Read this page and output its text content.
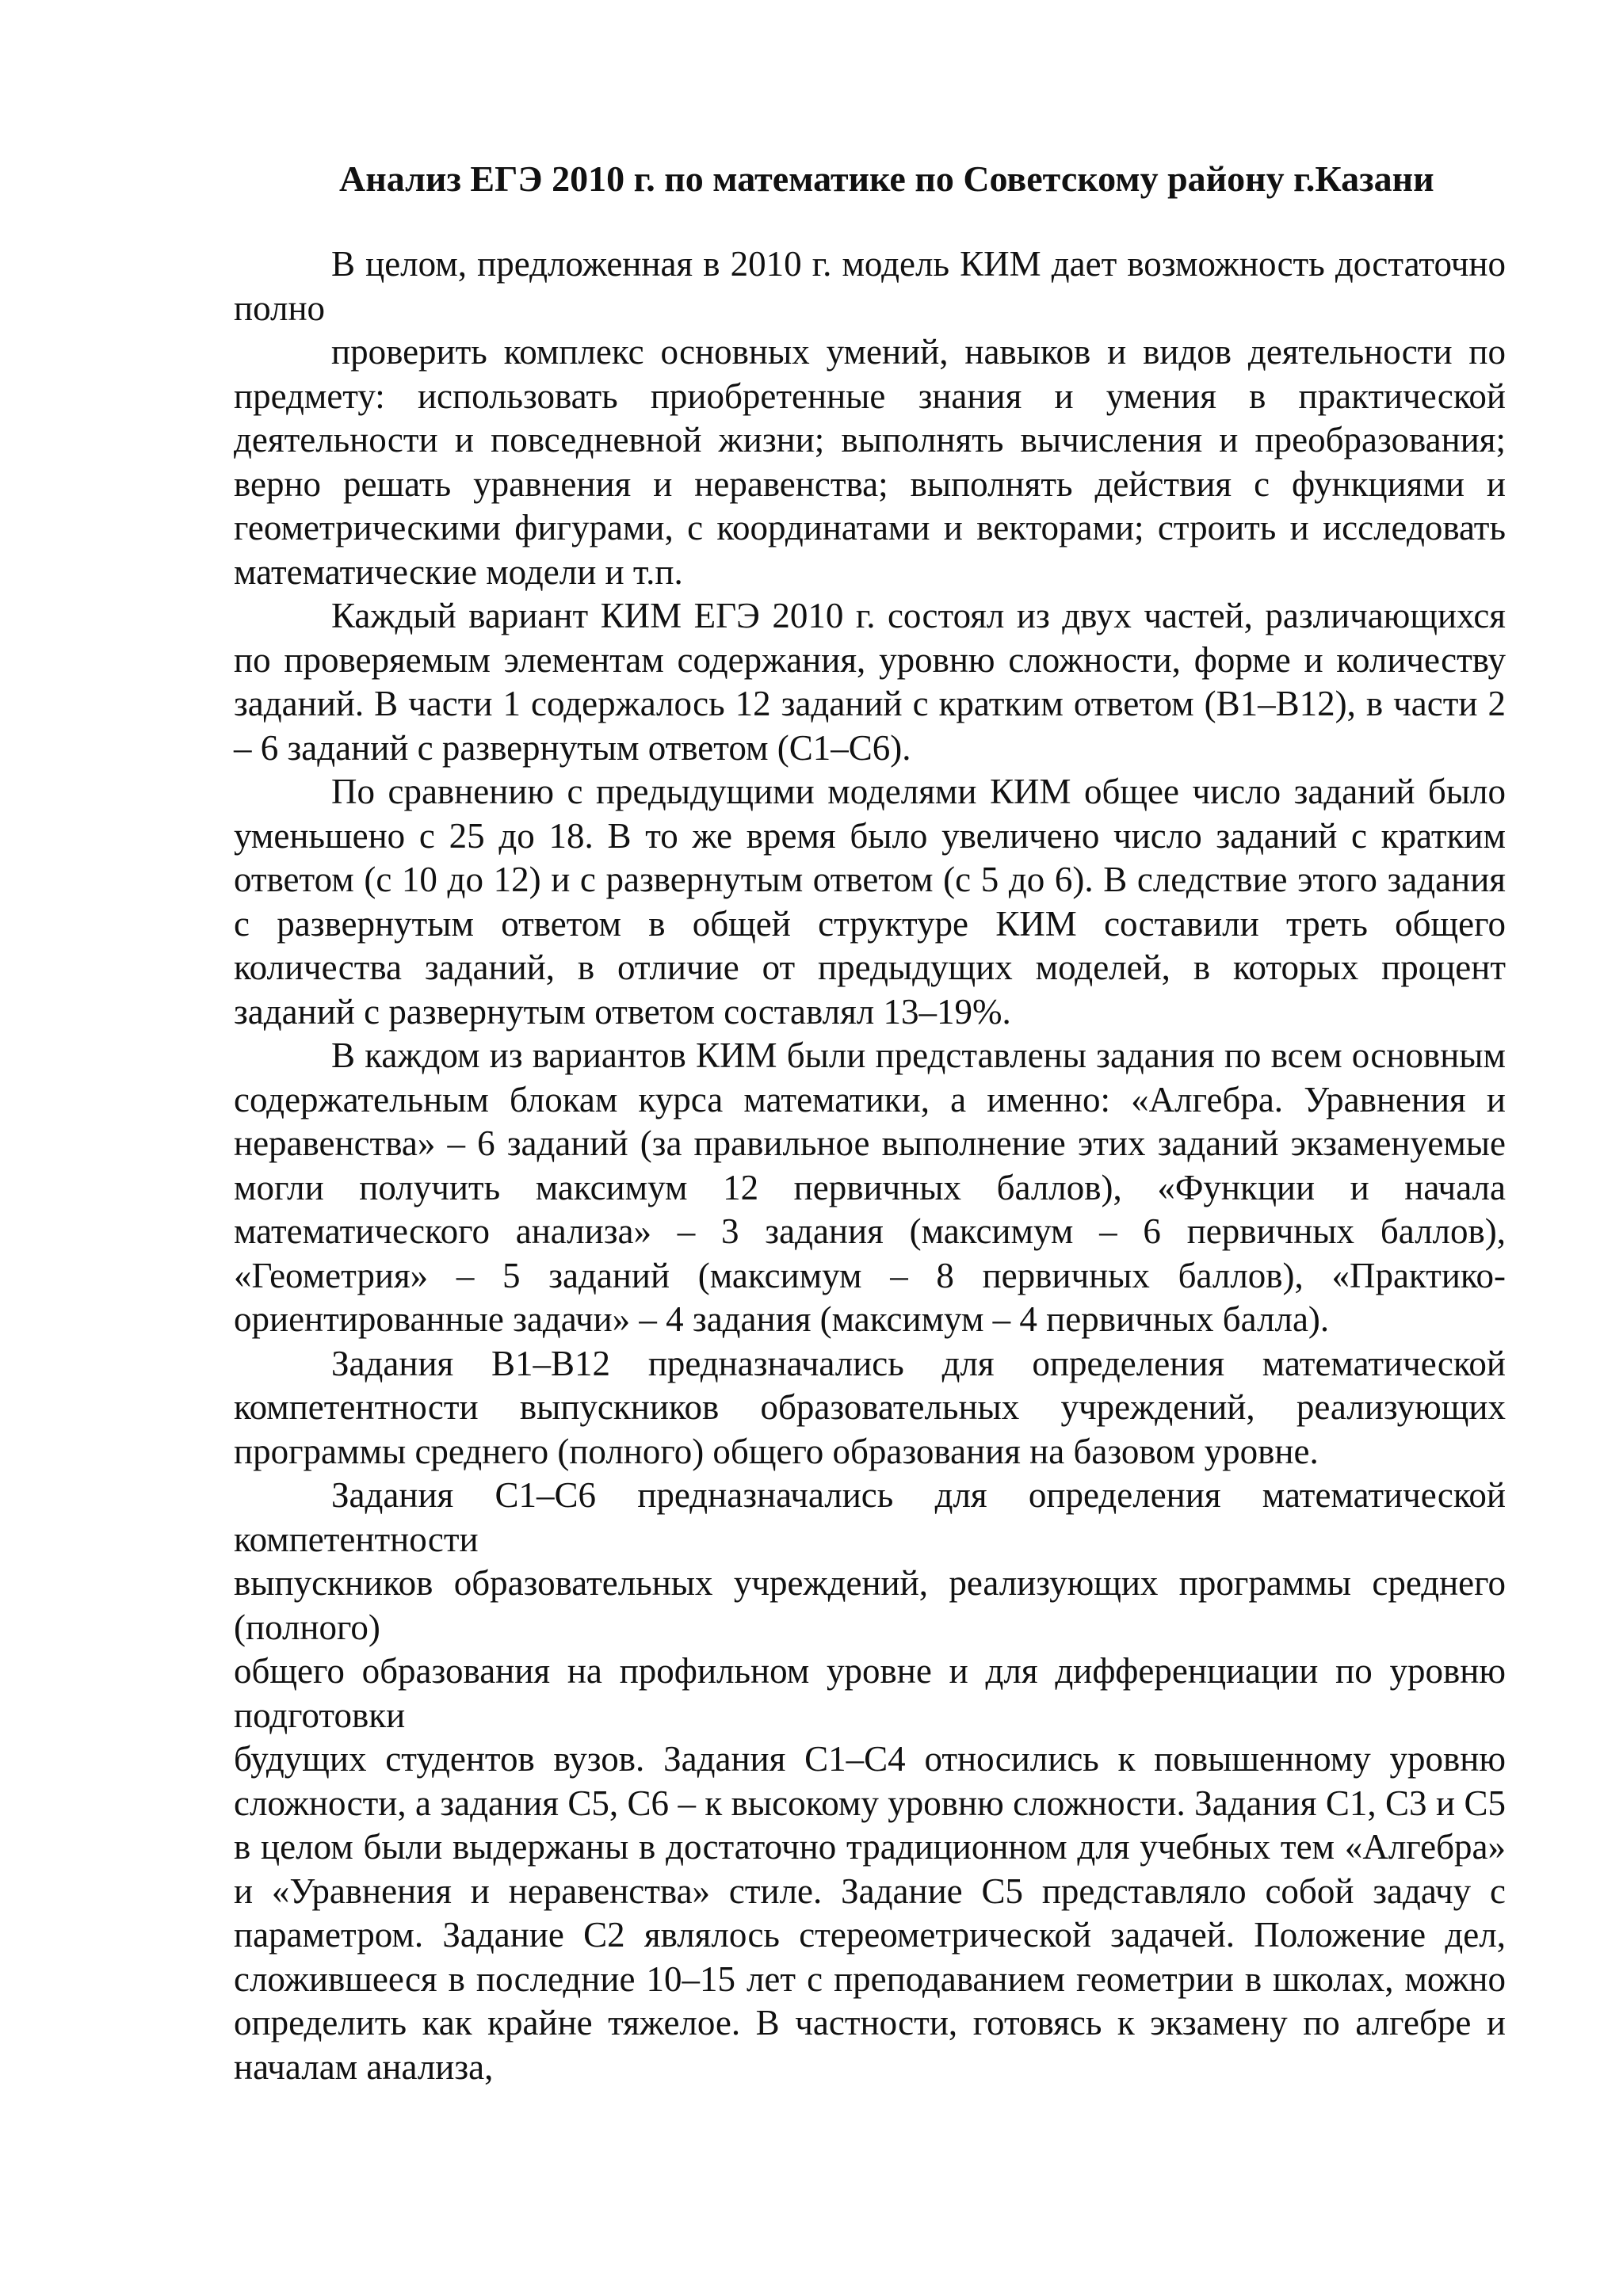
Анализ ЕГЭ 2010 г. по математике по Советскому району г.Казани

В целом, предложенная в 2010 г. модель КИМ дает возможность достаточно полно

проверить комплекс основных умений, навыков и видов деятельности по предмету: использовать приобретенные знания и умения в практической деятельности и повседневной жизни; выполнять вычисления и преобразования; верно решать уравнения и неравенства; выполнять действия с функциями и геометрическими фигурами, с координатами и векторами; строить и исследовать математические модели и т.п.

Каждый вариант КИМ ЕГЭ 2010 г. состоял из двух частей, различающихся по проверяемым элементам содержания, уровню сложности, форме и количеству заданий. В части 1 содержалось 12 заданий с кратким ответом (В1–В12), в части 2 – 6 заданий с развернутым ответом (С1–С6).

По сравнению с предыдущими моделями КИМ общее число заданий было уменьшено с 25 до 18. В то же время было увеличено число заданий с кратким ответом (с 10 до 12) и с развернутым ответом (с 5 до 6). В следствие этого задания с развернутым ответом в общей структуре КИМ составили треть общего количества заданий, в отличие от предыдущих моделей, в которых процент заданий с развернутым ответом составлял 13–19%.

В каждом из вариантов КИМ были представлены задания по всем основным содержательным блокам курса математики, а именно: «Алгебра. Уравнения и неравенства» – 6 заданий (за правильное выполнение этих заданий экзаменуемые могли получить максимум 12 первичных баллов), «Функции и начала математического анализа» – 3 задания (максимум – 6 первичных баллов), «Геометрия» – 5 заданий (максимум – 8 первичных баллов), «Практико-ориентированные задачи» – 4 задания (максимум – 4 первичных балла).

Задания В1–В12 предназначались для определения математической компетентности выпускников образовательных учреждений, реализующих программы среднего (полного) общего образования на базовом уровне.

Задания С1–С6 предназначались для определения математической компетентности

выпускников образовательных учреждений, реализующих программы среднего (полного)

общего образования на профильном уровне и для дифференциации по уровню подготовки

будущих студентов вузов. Задания С1–С4 относились к повышенному уровню сложности, а задания С5, С6 – к высокому уровню сложности. Задания С1, С3 и С5 в целом были выдержаны в достаточно традиционном для учебных тем «Алгебра» и «Уравнения и неравенства» стиле. Задание С5 представляло собой задачу с параметром. Задание С2 являлось стереометрической задачей. Положение дел, сложившееся в последние 10–15 лет с преподаванием геометрии в школах, можно определить как крайне тяжелое. В частности, готовясь к экзамену по алгебре и началам анализа,
